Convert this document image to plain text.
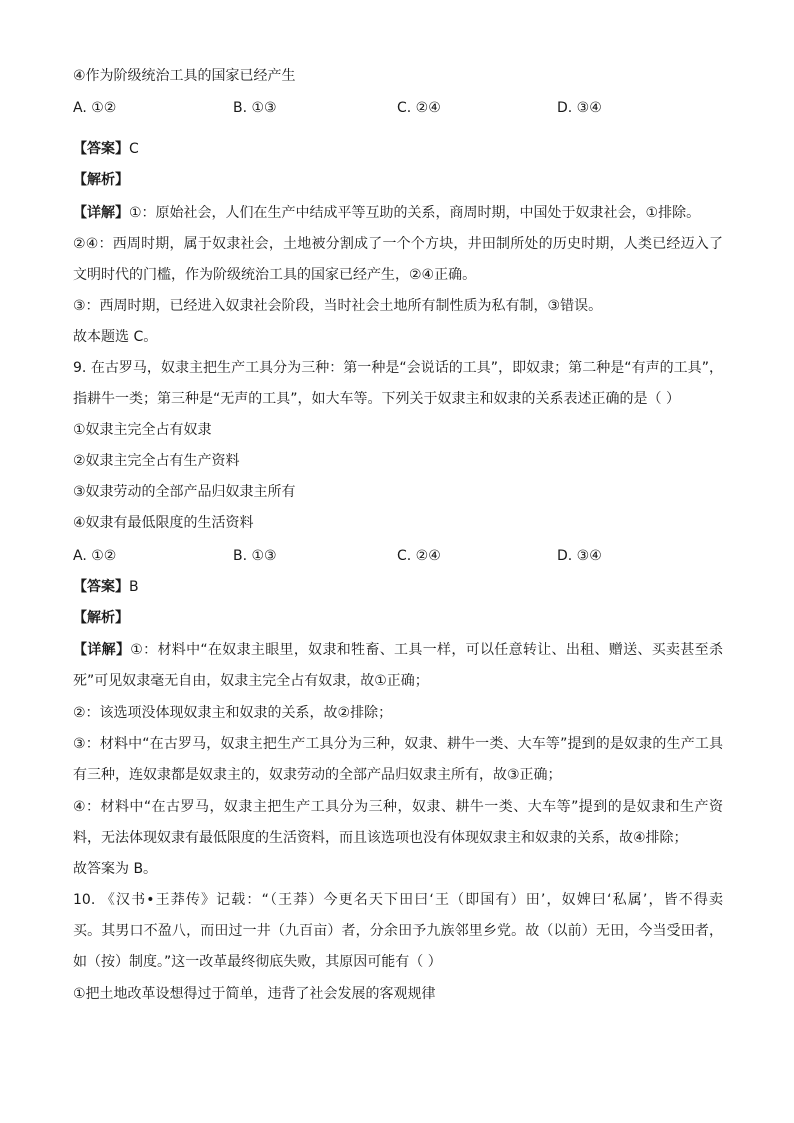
④作为阶级统治工具的国家已经产生
A. ①②	B. ①③	C. ②④	D. ③④
【答案】C
【解析】
【详解】①：原始社会，人们在生产中结成平等互助的关系，商周时期，中国处于奴隶社会，①排除。
②④：西周时期，属于奴隶社会，土地被分割成了一个个方块，井田制所处的历史时期，人类已经迈入了
文明时代的门槛，作为阶级统治工具的国家已经产生，②④正确。
③：西周时期，已经进入奴隶社会阶段，当时社会土地所有制性质为私有制，③错误。
故本题选 C。
9. 在古罗马，奴隶主把生产工具分为三种：第一种是“会说话的工具”，即奴隶；第二种是“有声的工具”，
指耕牛一类；第三种是“无声的工具”，如大车等。下列关于奴隶主和奴隶的关系表述正确的是（ ）
①奴隶主完全占有奴隶
②奴隶主完全占有生产资料
③奴隶劳动的全部产品归奴隶主所有
④奴隶有最低限度的生活资料
A. ①②	B. ①③	C. ②④	D. ③④
【答案】B
【解析】
【详解】①：材料中“在奴隶主眼里，奴隶和牲畜、工具一样，可以任意转让、出租、赠送、买卖甚至杀
死”可见奴隶毫无自由，奴隶主完全占有奴隶，故①正确；
②：该选项没体现奴隶主和奴隶的关系，故②排除；
③：材料中“在古罗马，奴隶主把生产工具分为三种，奴隶、耕牛一类、大车等”提到的是奴隶的生产工具
有三种，连奴隶都是奴隶主的，奴隶劳动的全部产品归奴隶主所有，故③正确；
④：材料中“在古罗马，奴隶主把生产工具分为三种，奴隶、耕牛一类、大车等”提到的是奴隶和生产资
料，无法体现奴隶有最低限度的生活资料，而且该选项也没有体现奴隶主和奴隶的关系，故④排除；
故答案为 B。
10. 《汉书•王莽传》记载：“（王莽）今更名天下田曰‘王（即国有）田’，奴婢曰‘私属’，皆不得卖
买。其男口不盈八，而田过一井（九百亩）者，分余田予九族邻里乡党。故（以前）无田，今当受田者，
如（按）制度。”这一改革最终彻底失败，其原因可能有（ ）
①把土地改革设想得过于简单，违背了社会发展的客观规律
